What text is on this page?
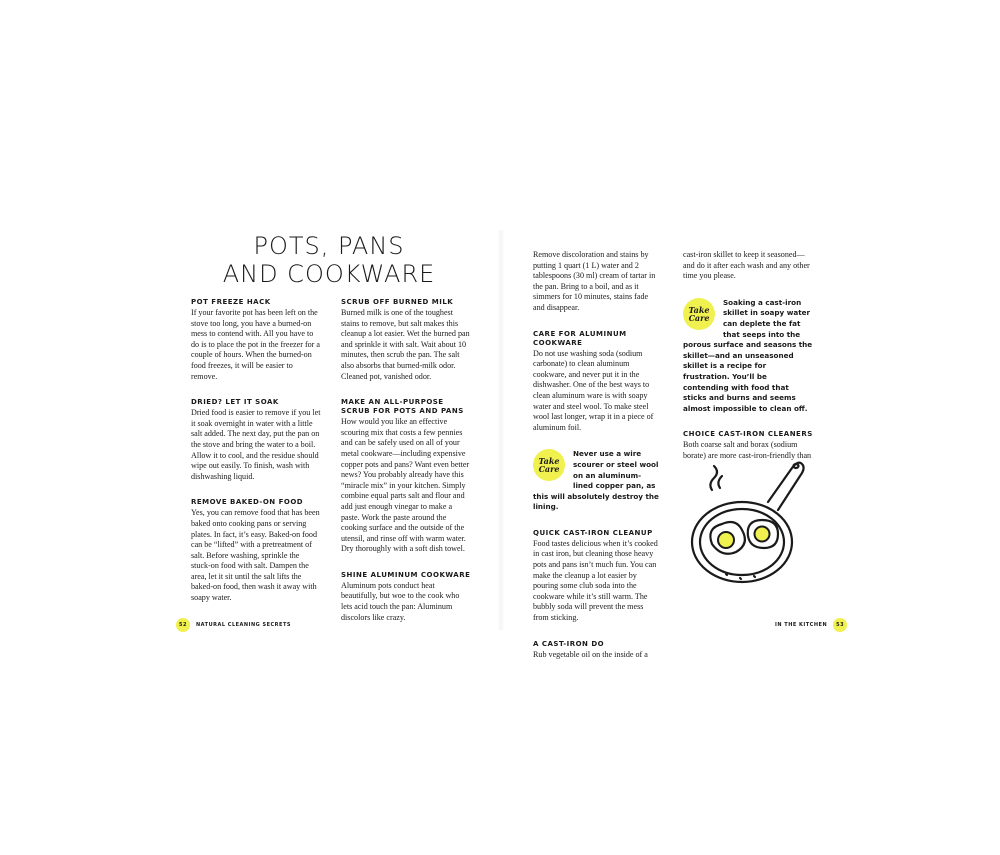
POTS, PANS AND COOKWARE
POT FREEZE HACK

If your favorite pot has been left on the stove too long, you have a burned-on mess to contend with. All you have to do is to place the pot in the freezer for a couple of hours. When the burned-on food freezes, it will be easier to remove.

DRIED? LET IT SOAK

Dried food is easier to remove if you let it soak overnight in water with a little salt added. The next day, put the pan on the stove and bring the water to a boil. Allow it to cool, and the residue should wipe out easily. To finish, wash with dishwashing liquid.

REMOVE BAKED-ON FOOD

Yes, you can remove food that has been baked onto cooking pans or serving plates. In fact, it’s easy. Baked-on food can be “lifted” with a pretreatment of salt. Before washing, sprinkle the stuck-on food with salt. Dampen the area, let it sit until the salt lifts the baked-on food, then wash it away with soapy water.

SCRUB OFF BURNED MILK

Burned milk is one of the toughest stains to remove, but salt makes this cleanup a lot easier. Wet the burned pan and sprinkle it with salt. Wait about 10 minutes, then scrub the pan. The salt also absorbs that burned-milk odor. Cleaned pot, vanished odor.

MAKE AN ALL-PURPOSE SCRUB FOR POTS AND PANS

How would you like an effective scouring mix that costs a few pennies and can be safely used on all of your metal cookware—including expensive copper pots and pans? Want even better news? You probably already have this “miracle mix” in your kitchen. Simply combine equal parts salt and flour and add just enough vinegar to make a paste. Work the paste around the cooking surface and the outside of the utensil, and rinse off with warm water. Dry thoroughly with a soft dish towel.

SHINE ALUMINUM COOKWARE

Aluminum pots conduct heat beautifully, but woe to the cook who lets acid touch the pan: Aluminum discolors like crazy.

52	NATURAL CLEANING SECRETS

Remove discoloration and stains by putting 1 quart (1 L) water and 2 tablespoons (30 ml) cream of tartar in the pan. Bring to a boil, and as it simmers for 10 minutes, stains fade and disappear.

CARE FOR ALUMINUM COOKWARE

Do not use washing soda (sodium carbonate) to clean aluminum cookware, and never put it in the dishwasher. One of the best ways to clean aluminum ware is with soapy water and steel wool. To make steel wool last longer, wrap it in a piece of aluminum foil.

Take Care
Never use a wire scourer or steel wool on an aluminum-lined copper pan, as this will absolutely destroy the lining.
QUICK CAST-IRON CLEANUP

Food tastes delicious when it’s cooked in cast iron, but cleaning those heavy pots and pans isn’t much fun. You can make the cleanup a lot easier by pouring some club soda into the cookware while it’s still warm. The bubbly soda will prevent the mess from sticking.

A CAST-IRON DO

Rub vegetable oil on the inside of a

cast-iron skillet to keep it seasoned—and do it after each wash and any other time you please.

Take Care
Soaking a cast-iron skillet in soapy water can deplete the fat that seeps into the porous surface and seasons the skillet—and an unseasoned skillet is a recipe for frustration. You’ll be contending with food that sticks and burns and seems almost impossible to clean off.
CHOICE CAST-IRON CLEANERS

Both coarse salt and borax (sodium borate) are more cast-iron-friendly than

IN THE KITCHEN	53
